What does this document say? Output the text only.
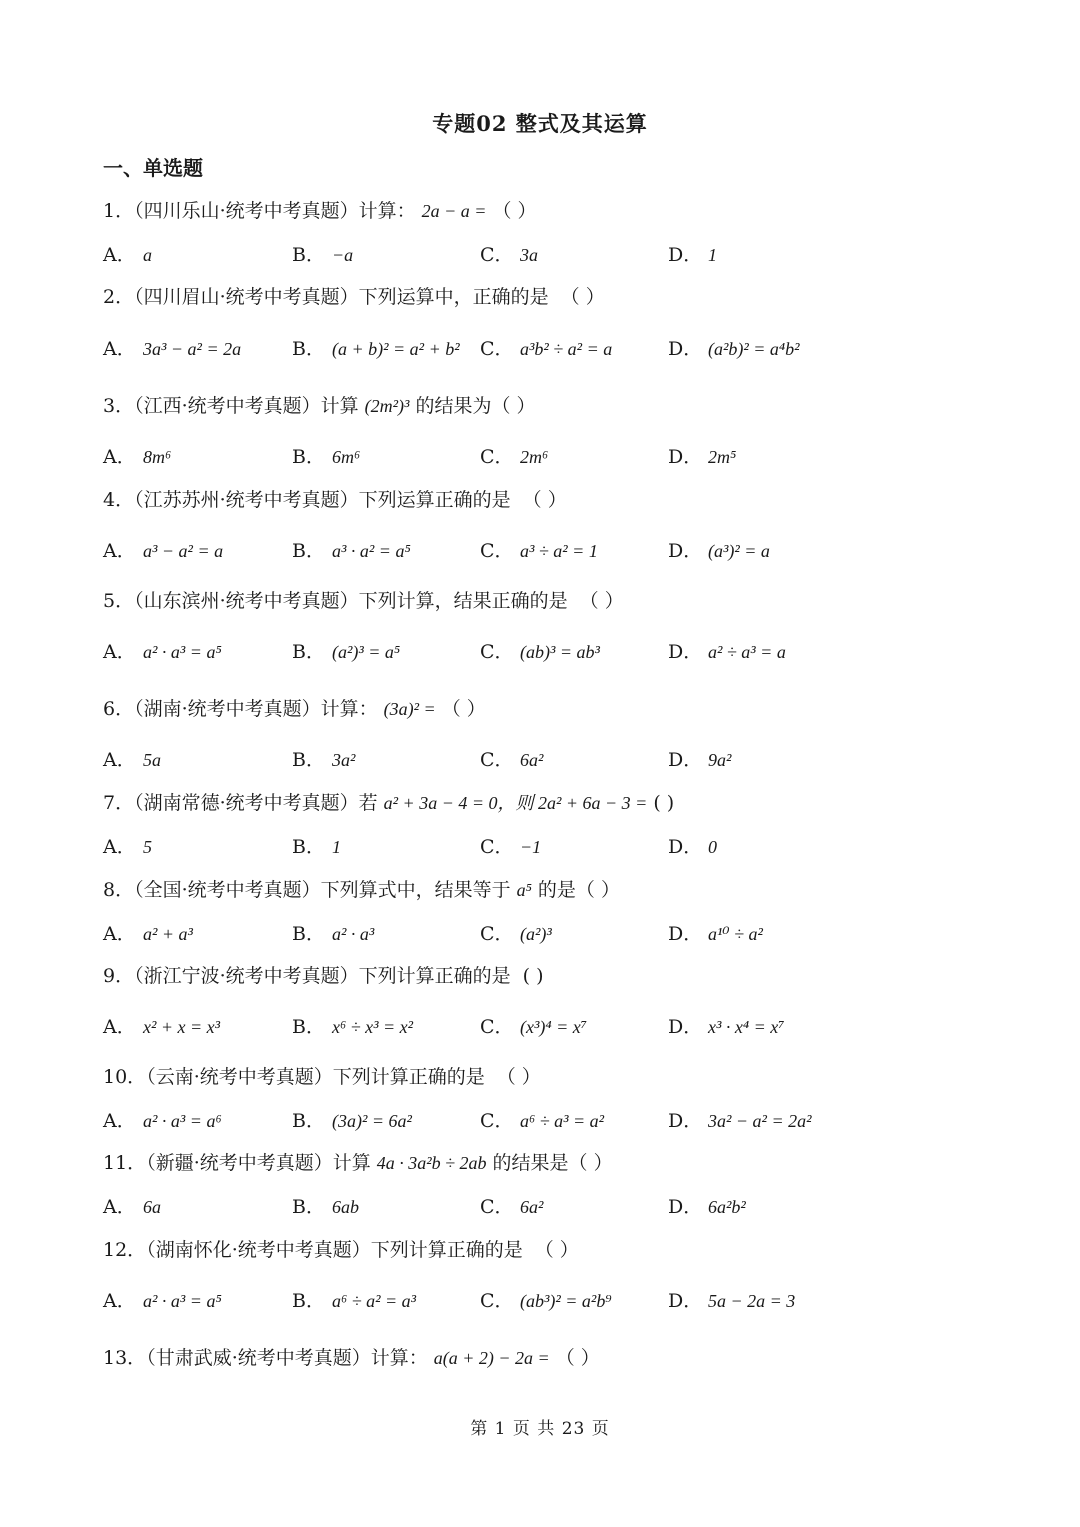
专题02 整式及其运算
一、单选题
1．（四川乐山·统考中考真题）计算： 2a − a = （ ）
A． a	B． −a	C． 3a	D． 1
2．（四川眉山·统考中考真题）下列运算中，正确的是 （ ）
A． 3a³ − a² = 2a	B． (a + b)² = a² + b² C． a³b² ÷ a² = a	D． (a²b)² = a⁴b²
3．（江西·统考中考真题）计算 (2m²)³ 的结果为（ ）
A． 8m⁶	B． 6m⁶	C． 2m⁶	D． 2m⁵
4．（江苏苏州·统考中考真题）下列运算正确的是 （ ）
A． a³ − a² = a	B． a³ · a² = a⁵	C． a³ ÷ a² = 1	D． (a³)² = a
5．（山东滨州·统考中考真题）下列计算，结果正确的是 （ ）
A． a² · a³ = a⁵	B． (a²)³ = a⁵	C． (ab)³ = ab³	D． a² ÷ a³ = a
6．（湖南·统考中考真题）计算： (3a)² = （ ）
A． 5a	B． 3a²	C． 6a²	D． 9a²
7．（湖南常德·统考中考真题）若 a² + 3a − 4 = 0，则 2a² + 6a − 3 = ( )
A． 5	B． 1	C． −1	D． 0
8．（全国·统考中考真题）下列算式中，结果等于 a⁵ 的是（ ）
A． a² + a³	B． a² · a³	C． (a²)³	D． a¹⁰ ÷ a²
9．（浙江宁波·统考中考真题）下列计算正确的是 ( )
A． x² + x = x³	B． x⁶ ÷ x³ = x²	C． (x³)⁴ = x⁷	D． x³ · x⁴ = x⁷
10．（云南·统考中考真题）下列计算正确的是 （ ）
A． a² · a³ = a⁶	B． (3a)² = 6a²	C． a⁶ ÷ a³ = a²	D． 3a² − a² = 2a²
11．（新疆·统考中考真题）计算 4a · 3a²b ÷ 2ab 的结果是（ ）
A． 6a	B． 6ab	C． 6a²	D． 6a²b²
12．（湖南怀化·统考中考真题）下列计算正确的是 （ ）
A． a² · a³ = a⁵	B． a⁶ ÷ a² = a³	C． (ab³)² = a²b⁹	D． 5a − 2a = 3
13．（甘肃武威·统考中考真题）计算： a(a + 2) − 2a = （ ）
第 1 页 共 23 页
